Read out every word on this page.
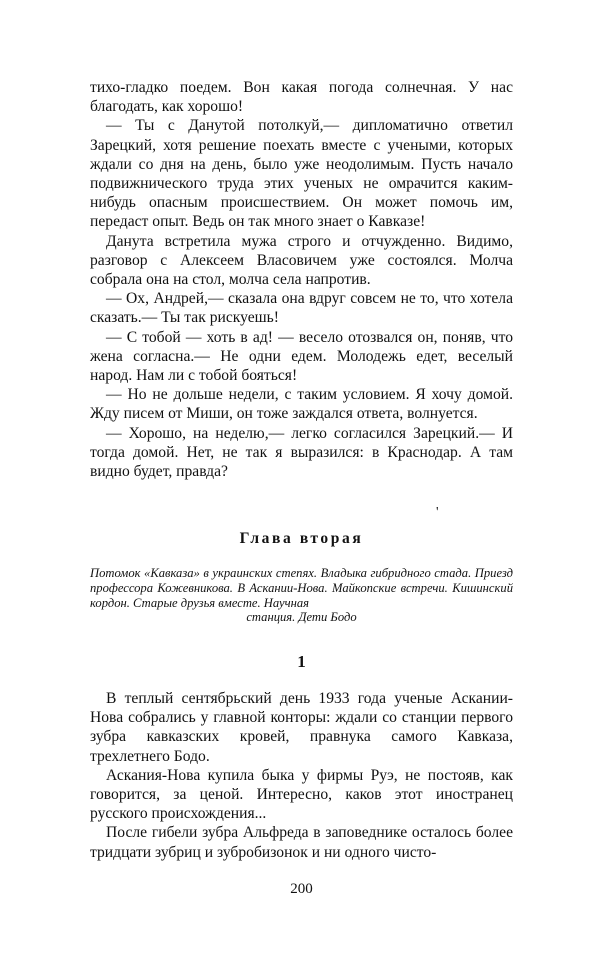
тихо-гладко поедем. Вон какая погода солнечная. У нас благодать, как хорошо!

— Ты с Данутой потолкуй,— дипломатично ответил Зарецкий, хотя решение поехать вместе с учеными, которых ждали со дня на день, было уже неодолимым. Пусть начало подвижнического труда этих ученых не омрачится каким-нибудь опасным происшествием. Он может помочь им, передаст опыт. Ведь он так много знает о Кавказе!

Данута встретила мужа строго и отчужденно. Видимо, разговор с Алексеем Власовичем уже состоялся. Молча собрала она на стол, молча села напротив.

— Ох, Андрей,— сказала она вдруг совсем не то, что хотела сказать.— Ты так рискуешь!

— С тобой — хоть в ад! — весело отозвался он, поняв, что жена согласна.— Не одни едем. Молодежь едет, веселый народ. Нам ли с тобой бояться!

— Но не дольше недели, с таким условием. Я хочу домой. Жду писем от Миши, он тоже заждался ответа, волнуется.

— Хорошо, на неделю,— легко согласился Зарецкий.— И тогда домой. Нет, не так я выразился: в Краснодар. А там видно будет, правда?

'
Глава вторая
Потомок «Кавказа» в украинских степях. Владыка гибридного стада. Приезд профессора Кожевникова. В Аскании-Нова. Майкопские встречи. Кишинский кордон. Старые друзья вместе. Научная
станция. Дети Бодо
1

В теплый сентябрьский день 1933 года ученые Аскании-Нова собрались у главной конторы: ждали со станции первого зубра кавказских кровей, правнука самого Кавказа, трехлетнего Бодо.

Аскания-Нова купила быка у фирмы Руэ, не постояв, как говорится, за ценой. Интересно, каков этот иностранец русского происхождения...

После гибели зубра Альфреда в заповеднике осталось более тридцати зубриц и зубробизонок и ни одного чисто-

200
